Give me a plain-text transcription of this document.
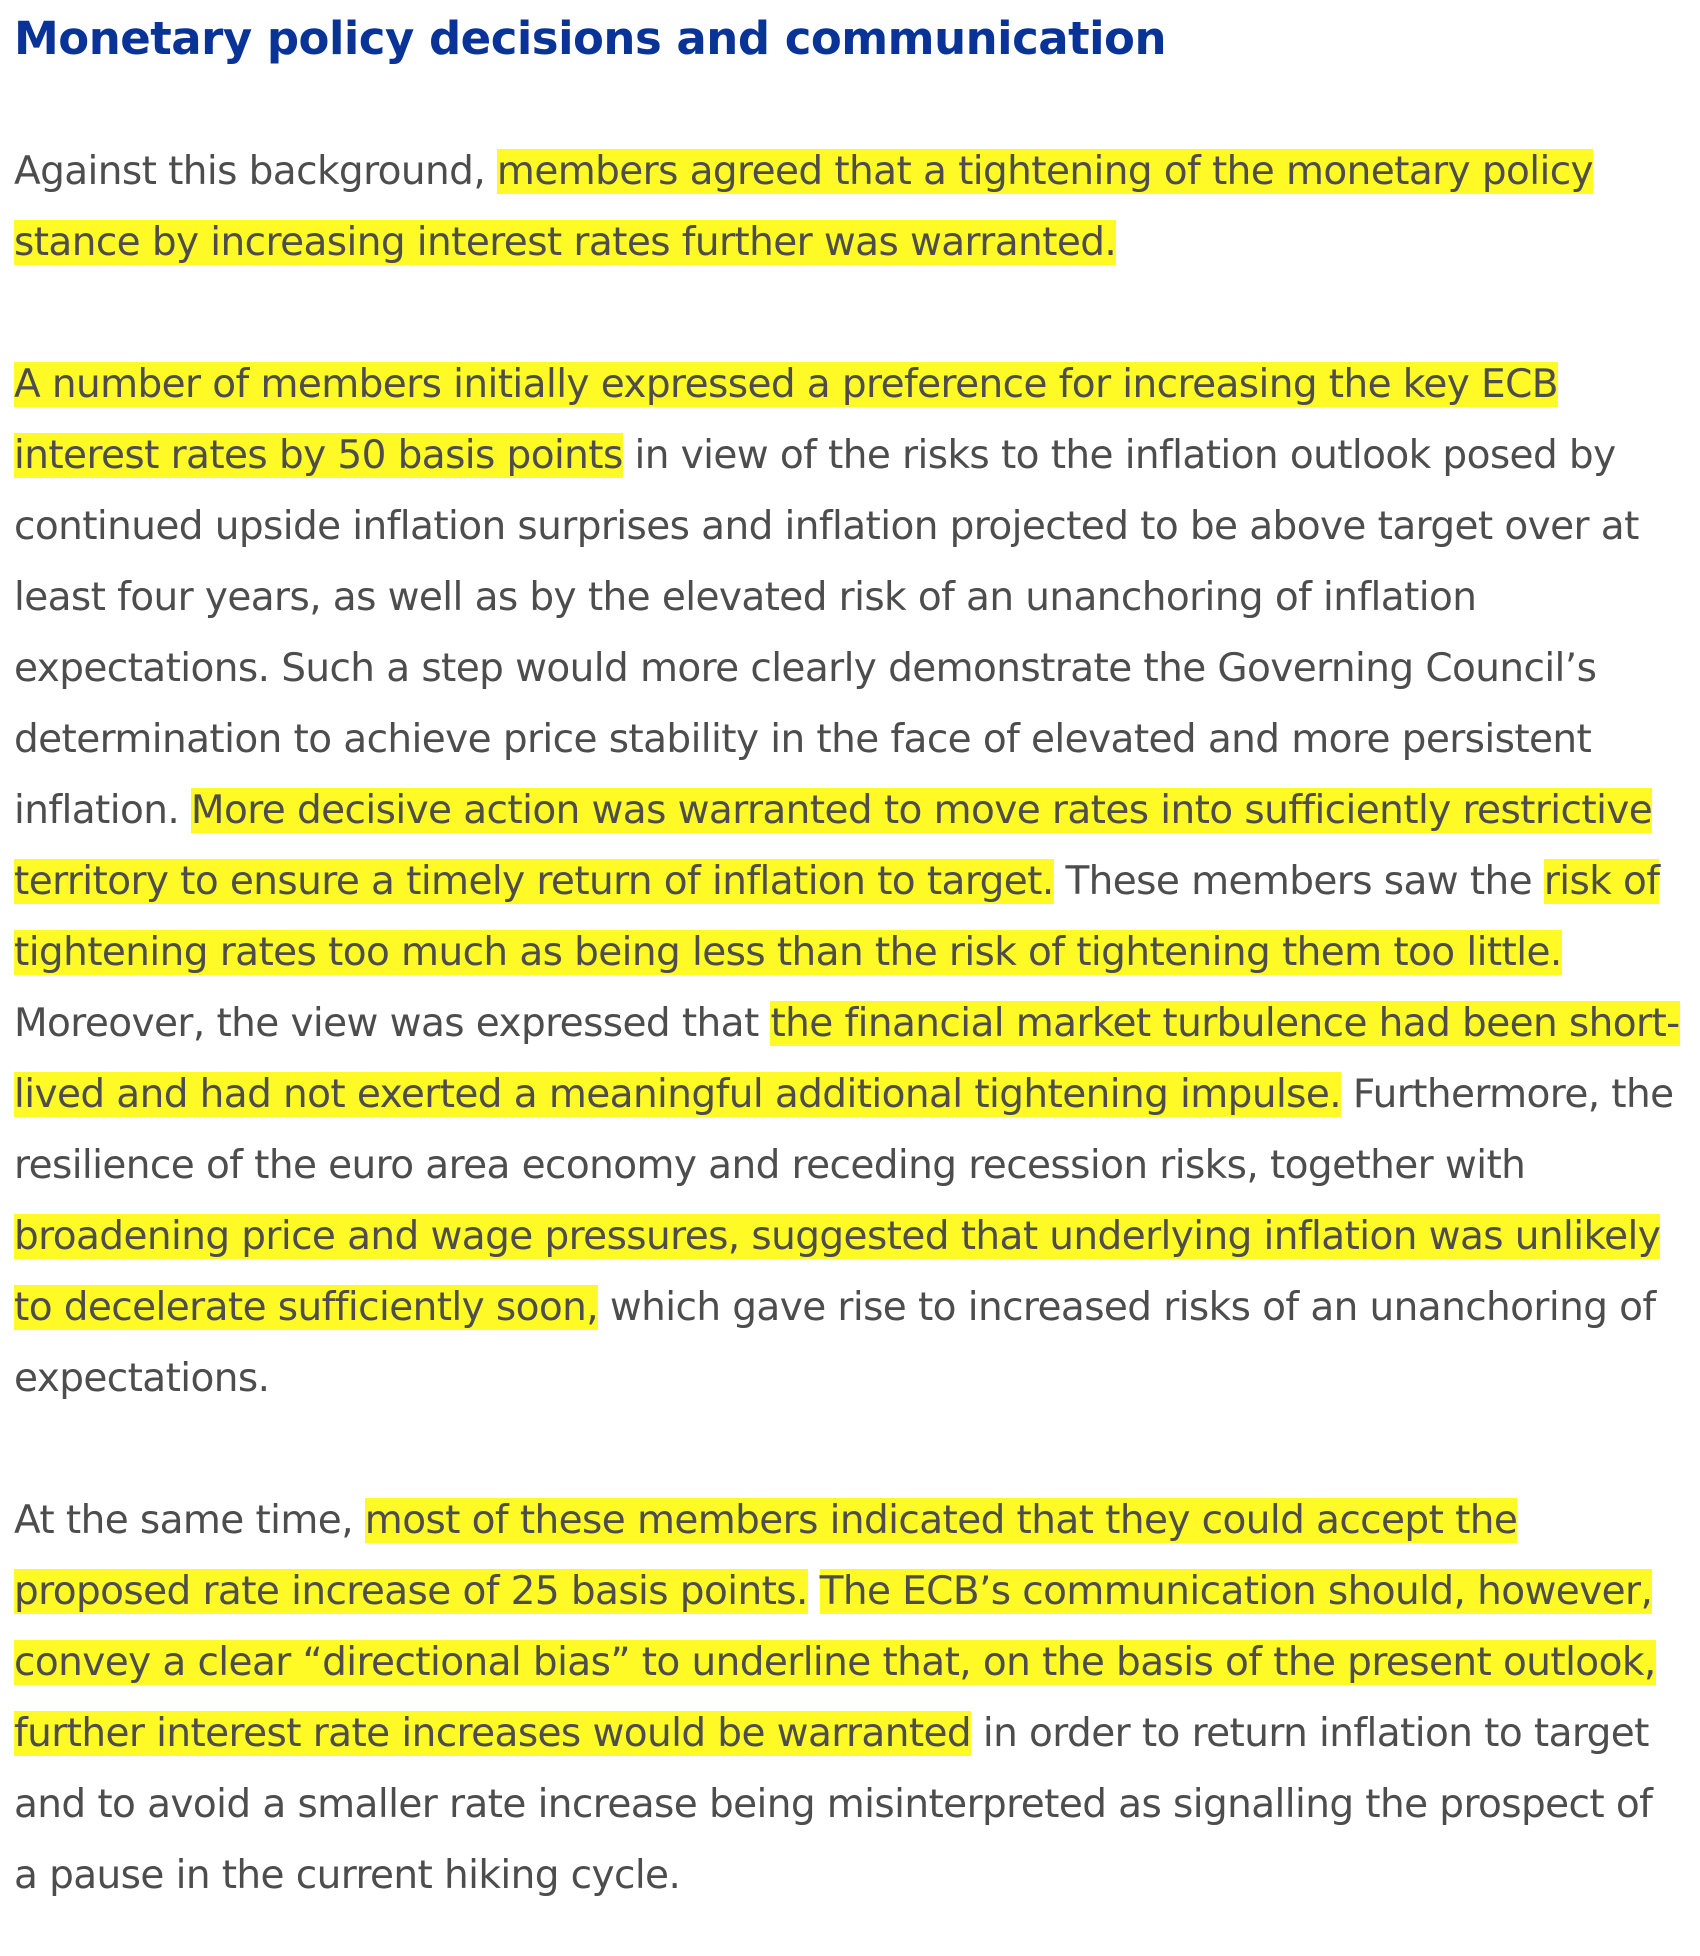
Monetary policy decisions and communication

Against this background, members agreed that a tightening of the monetary policy stance by increasing interest rates further was warranted.

A number of members initially expressed a preference for increasing the key ECB interest rates by 50 basis points in view of the risks to the inflation outlook posed by continued upside inflation surprises and inflation projected to be above target over at least four years, as well as by the elevated risk of an unanchoring of inflation expectations. Such a step would more clearly demonstrate the Governing Council’s determination to achieve price stability in the face of elevated and more persistent inflation. More decisive action was warranted to move rates into sufficiently restrictive territory to ensure a timely return of inflation to target. These members saw the risk of tightening rates too much as being less than the risk of tightening them too little. Moreover, the view was expressed that the financial market turbulence had been short-lived and had not exerted a meaningful additional tightening impulse. Furthermore, the resilience of the euro area economy and receding recession risks, together with broadening price and wage pressures, suggested that underlying inflation was unlikely to decelerate sufficiently soon, which gave rise to increased risks of an unanchoring of expectations.

At the same time, most of these members indicated that they could accept the proposed rate increase of 25 basis points. The ECB’s communication should, however, convey a clear “directional bias” to underline that, on the basis of the present outlook, further interest rate increases would be warranted in order to return inflation to target and to avoid a smaller rate increase being misinterpreted as signalling the prospect of a pause in the current hiking cycle.
